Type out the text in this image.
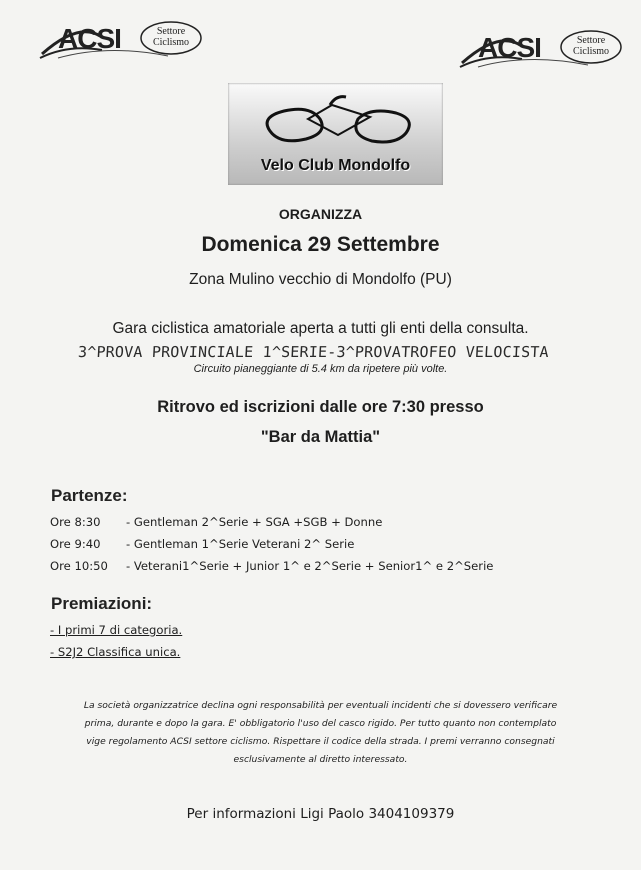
ACSI	Settore
Ciclismo	ACSI	Settore
Ciclismo
Velo Club Mondolfo
ORGANIZZA
Domenica 29 Settembre
Zona Mulino vecchio di Mondolfo (PU)
Gara ciclistica amatoriale aperta a tutti gli enti della consulta.
3^PROVA PROVINCIALE 1^SERIE-3^PROVATROFEO VELOCISTA
Circuito pianeggiante di 5.4 km da ripetere più volte.
Ritrovo ed iscrizioni dalle ore 7:30 presso
"Bar da Mattia"
Partenze:
Ore 8:30 - Gentleman 2^Serie + SGA +SGB + Donne
Ore 9:40 - Gentleman 1^Serie Veterani 2^ Serie
Ore 10:50 - Veterani1^Serie + Junior 1^ e 2^Serie + Senior1^ e 2^Serie
Premiazioni:
- I primi 7 di categoria.
- S2J2 Classifica unica.
La società organizzatrice declina ogni responsabilità per eventuali incidenti che si dovessero verificare prima, durante e dopo la gara. E' obbligatorio l'uso del casco rigido. Per tutto quanto non contemplato vige regolamento ACSI settore ciclismo. Rispettare il codice della strada. I premi verranno consegnati esclusivamente al diretto interessato.
Per informazioni Ligi Paolo 3404109379
